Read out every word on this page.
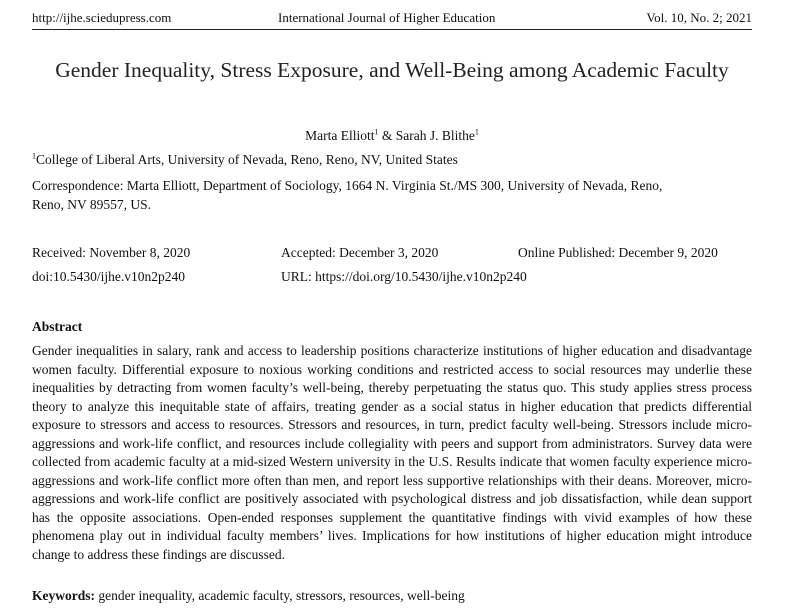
http://ijhe.sciedupress.com	International Journal of Higher Education	Vol. 10, No. 2; 2021
Gender Inequality, Stress Exposure, and Well-Being among Academic Faculty
Marta Elliott$^1$ & Sarah J. Blithe$^1$
$^1$College of Liberal Arts, University of Nevada, Reno, Reno, NV, United States
Correspondence: Marta Elliott, Department of Sociology, 1664 N. Virginia St./MS 300, University of Nevada, Reno,
Reno, NV 89557, US.
Received: November 8, 2020	Accepted: December 3, 2020	Online Published: December 9, 2020
doi:10.5430/ijhe.v10n2p240	URL: https://doi.org/10.5430/ijhe.v10n2p240
Abstract
Gender inequalities in salary, rank and access to leadership positions characterize institutions of higher education and disadvantage women faculty. Differential exposure to noxious working conditions and restricted access to social resources may underlie these inequalities by detracting from women faculty’s well-being, thereby perpetuating the status quo. This study applies stress process theory to analyze this inequitable state of affairs, treating gender as a social status in higher education that predicts differential exposure to stressors and access to resources. Stressors and resources, in turn, predict faculty well-being. Stressors include micro-aggressions and work-life conflict, and resources include collegiality with peers and support from administrators. Survey data were collected from academic faculty at a mid-sized Western university in the U.S. Results indicate that women faculty experience micro-aggressions and work-life conflict more often than men, and report less supportive relationships with their deans. Moreover, micro-aggressions and work-life conflict are positively associated with psychological distress and job dissatisfaction, while dean support has the opposite associations. Open-ended responses supplement the quantitative findings with vivid examples of how these phenomena play out in individual faculty members’ lives. Implications for how institutions of higher education might introduce change to address these findings are discussed.
Keywords: gender inequality, academic faculty, stressors, resources, well-being
